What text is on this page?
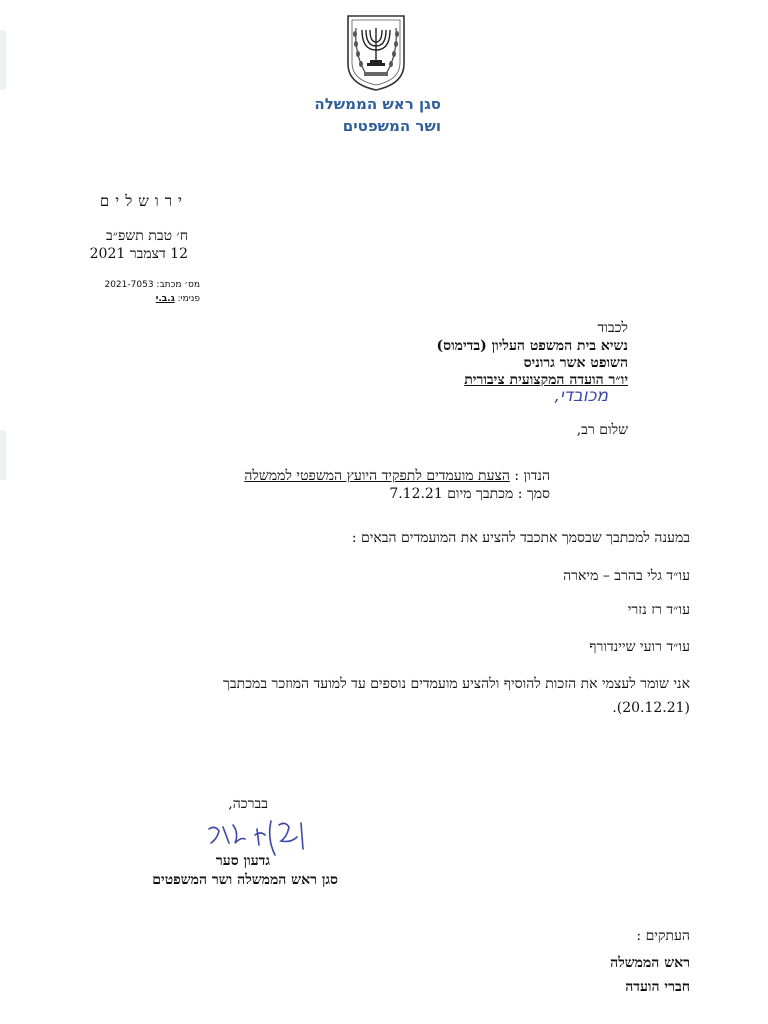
סגן ראש הממשלה
ושר המשפטים
ירושלים
ח׳ טבת תשפ״ב
12 דצמבר 2021
מס׳ מכתב: 2021-7053
פנימי: ג.ב.י
לכבוד
נשיא בית המשפט העליון (בדימוס)
השופט אשר גרוניס
יו״ר הועדה המקצועית ציבורית
מכובדי,
שלום רב,
הנדון : הצעת מועמדים לתפקיד היועץ המשפטי לממשלה
סמך : מכתבך מיום 7.12.21
במענה למכתבך שבסמך אתכבד להציע את המועמדים הבאים :
עו״ד גלי בהרב – מיארה
עו״ד רז נזרי
עו״ד רועי שיינדורף
אני שומר לעצמי את הזכות להוסיף ולהציע מועמדים נוספים עד למועד המוזכר במכתבך
(20.12.21).
בברכה,
גדעון סער
סגן ראש הממשלה ושר המשפטים
העתקים :
ראש הממשלה
חברי הועדה
